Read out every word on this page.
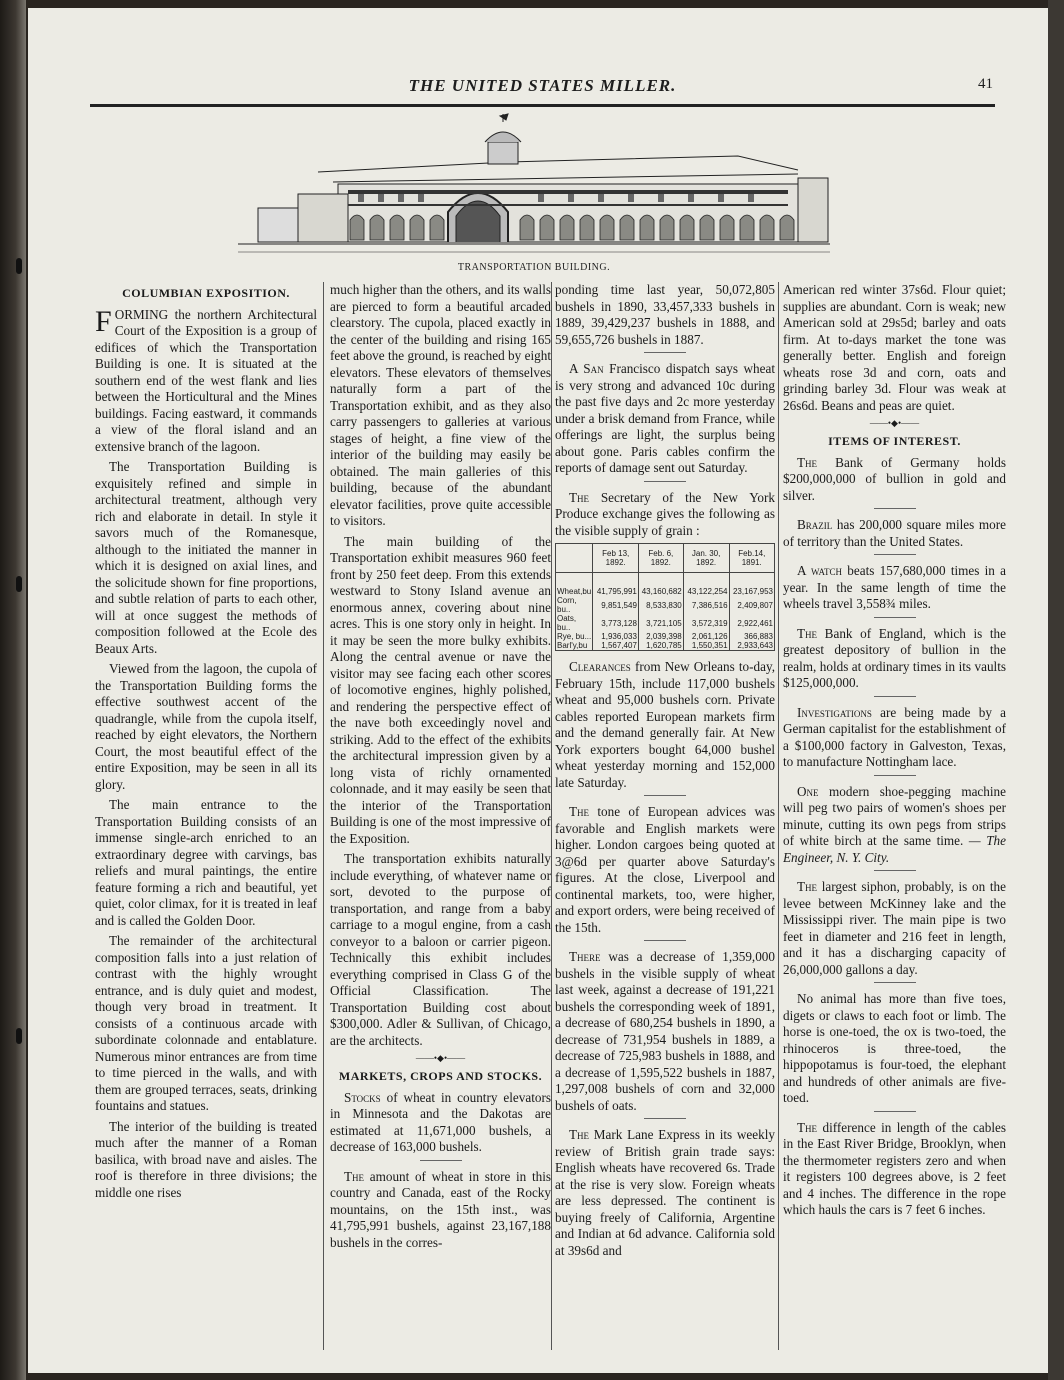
THE UNITED STATES MILLER.	41
TRANSPORTATION BUILDING.
COLUMBIAN EXPOSITION.

FORMING the northern Architectural Court of the Exposition is a group of edifices of which the Transportation Building is one. It is situated at the southern end of the west flank and lies between the Horticultural and the Mines buildings. Facing eastward, it commands a view of the floral island and an extensive branch of the lagoon.

The Transportation Building is exquisitely refined and simple in architectural treatment, although very rich and elaborate in detail. In style it savors much of the Romanesque, although to the initiated the manner in which it is designed on axial lines, and the solicitude shown for fine proportions, and subtle relation of parts to each other, will at once suggest the methods of composition followed at the Ecole des Beaux Arts.

Viewed from the lagoon, the cupola of the Transportation Building forms the effective southwest accent of the quadrangle, while from the cupola itself, reached by eight elevators, the Northern Court, the most beautiful effect of the entire Exposition, may be seen in all its glory.

The main entrance to the Transportation Building consists of an immense single-arch enriched to an extraordinary degree with carvings, bas reliefs and mural paintings, the entire feature forming a rich and beautiful, yet quiet, color climax, for it is treated in leaf and is called the Golden Door.

The remainder of the architectural composition falls into a just relation of contrast with the highly wrought entrance, and is duly quiet and modest, though very broad in treatment. It consists of a continuous arcade with subordinate colonnade and entablature. Numerous minor entrances are from time to time pierced in the walls, and with them are grouped terraces, seats, drinking fountains and statues.

The interior of the building is treated much after the manner of a Roman basilica, with broad nave and aisles. The roof is therefore in three divisions; the middle one rises

much higher than the others, and its walls are pierced to form a beautiful arcaded clearstory. The cupola, placed exactly in the center of the building and rising 165 feet above the ground, is reached by eight elevators. These elevators of themselves naturally form a part of the Transportation exhibit, and as they also carry passengers to galleries at various stages of height, a fine view of the interior of the building may easily be obtained. The main galleries of this building, because of the abundant elevator facilities, prove quite accessible to visitors.

The main building of the Transportation exhibit measures 960 feet front by 250 feet deep. From this extends westward to Stony Island avenue an enormous annex, covering about nine acres. This is one story only in height. In it may be seen the more bulky exhibits. Along the central avenue or nave the visitor may see facing each other scores of locomotive engines, highly polished, and rendering the perspective effect of the nave both exceedingly novel and striking. Add to the effect of the exhibits the architectural impression given by a long vista of richly ornamented colonnade, and it may easily be seen that the interior of the Transportation Building is one of the most impressive of the Exposition.

The transportation exhibits naturally include everything, of whatever name or sort, devoted to the purpose of transportation, and range from a baby carriage to a mogul engine, from a cash conveyor to a baloon or carrier pigeon. Technically this exhibit includes everything comprised in Class G of the Official Classification. The Transportation Building cost about $300,000. Adler & Sullivan, of Chicago, are the architects.

——•◆•——
MARKETS, CROPS AND STOCKS.

Stocks of wheat in country elevators in Minnesota and the Dakotas are estimated at 11,671,000 bushels, a decrease of 163,000 bushels.

The amount of wheat in store in this country and Canada, east of the Rocky mountains, on the 15th inst., was 41,795,991 bushels, against 23,167,188 bushels in the corres-

ponding time last year, 50,072,805 bushels in 1890, 33,457,333 bushels in 1889, 39,429,237 bushels in 1888, and 59,655,726 bushels in 1887.

A San Francisco dispatch says wheat is very strong and advanced 10c during the past five days and 2c more yesterday under a brisk demand from France, while offerings are light, the surplus being about gone. Paris cables confirm the reports of damage sent out Saturday.

The Secretary of the New York Produce exchange gives the following as the visible supply of grain :

	Feb 13, 1892.	Feb. 6, 1892.	Jan. 30, 1892.	Feb.14, 1891.

Wheat,bu	41,795,991	43,160,682	43,122,254	23,167,953
Corn, bu..	9,851,549	8,533,830	7,386,516	2,409,807
Oats, bu..	3,773,128	3,721,105	3,572,319	2,922,461
Rye, bu...	1,936,033	2,039,398	2,061,126	366,883
Barl'y,bu	1,567,407	1,620,785	1,550,351	2,933,643

Clearances from New Orleans to-day, February 15th, include 117,000 bushels wheat and 95,000 bushels corn. Private cables reported European markets firm and the demand generally fair. At New York exporters bought 64,000 bushel wheat yesterday morning and 152,000 late Saturday.

The tone of European advices was favorable and English markets were higher. London cargoes being quoted at 3@6d per quarter above Saturday's figures. At the close, Liverpool and continental markets, too, were higher, and export orders, were being received of the 15th.

There was a decrease of 1,359,000 bushels in the visible supply of wheat last week, against a decrease of 191,221 bushels the corresponding week of 1891, a decrease of 680,254 bushels in 1890, a decrease of 731,954 bushels in 1889, a decrease of 725,983 bushels in 1888, and a decrease of 1,595,522 bushels in 1887, 1,297,008 bushels of corn and 32,000 bushels of oats.

The Mark Lane Express in its weekly review of British grain trade says: English wheats have recovered 6s. Trade at the rise is very slow. Foreign wheats are less depressed. The continent is buying freely of California, Argentine and Indian at 6d advance. California sold at 39s6d and

American red winter 37s6d. Flour quiet; supplies are abundant. Corn is weak; new American sold at 29s5d; barley and oats firm. At to-days market the tone was generally better. English and foreign wheats rose 3d and corn, oats and grinding barley 3d. Flour was weak at 26s6d. Beans and peas are quiet.

——•◆•——
ITEMS OF INTEREST.

The Bank of Germany holds $200,000,000 of bullion in gold and silver.

Brazil has 200,000 square miles more of territory than the United States.

A watch beats 157,680,000 times in a year. In the same length of time the wheels travel 3,558¾ miles.

The Bank of England, which is the greatest depository of bullion in the realm, holds at ordinary times in its vaults $125,000,000.

Investigations are being made by a German capitalist for the establishment of a $100,000 factory in Galveston, Texas, to manufacture Nottingham lace.

One modern shoe-pegging machine will peg two pairs of women's shoes per minute, cutting its own pegs from strips of white birch at the same time. — The Engineer, N. Y. City.

The largest siphon, probably, is on the levee between McKinney lake and the Mississippi river. The main pipe is two feet in diameter and 216 feet in length, and it has a discharging capacity of 26,000,000 gallons a day.

No animal has more than five toes, digets or claws to each foot or limb. The horse is one-toed, the ox is two-toed, the rhinoceros is three-toed, the hippopotamus is four-toed, the elephant and hundreds of other animals are five-toed.

The difference in length of the cables in the East River Bridge, Brooklyn, when the thermometer registers zero and when it registers 100 degrees above, is 2 feet and 4 inches. The difference in the rope which hauls the cars is 7 feet 6 inches.
